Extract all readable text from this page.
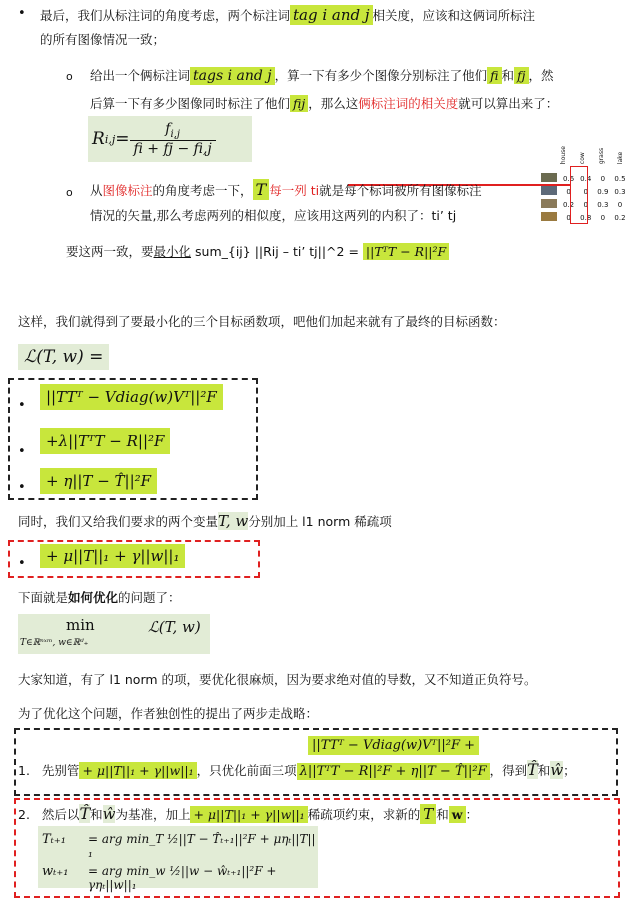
• 最后，我们从标注词的角度考虑，两个标注词 tag i and j 相关度，应该和这俩词所标注
的所有图像情况一致；
o 给出一个俩标注词 tags i and j ，算一下有多少个图像分别标注了他们 fi 和 fj ，然
后算一下有多少图像同时标注了他们 fij ，那么这俩标注词的相关度就可以算出来了：
R $i,j = \frac{f_{i,j}}{fi + fj - fi,j}$	house cow grass lake
	0.6	0.4	0	0.5
	0	0	0.9	0.3
	0.2	0	0.3	0
	0	0.8	0	0.2
o 从图像标注的角度考虑一下， T 每一列 ti就是每个标词被所有图像标注
情况的矢量,那么考虑两列的相似度，应该用这两列的内积了：ti’ tj
要这两一致，要最小化 sum_{ij} ||Rij – ti’ tj||^2 = ||TᵀT − R||²F
这样，我们就得到了要最小化的三个目标函数项，吧他们加起来就有了最终的目标函数：
ℒ(T, w) =
•	||TTᵀ − Vdiag(w)Vᵀ||²F
•
+λ||TᵀT − R||²F
•	+ η||T − T̂||²F
同时，我们又给我们要求的两个变量T, w分别加上 l1 norm 稀疏项
•	+ μ||T||₁ + γ||w||₁
下面就是如何优化的问题了：
min
T∈ℝⁿˣᵐ, w∈ℝᵈ₊
ℒ(T, w)
大家知道，有了 l1 norm 的项，要优化很麻烦，因为要求绝对值的导数，又不知道正负符号。
为了优化这个问题，作者独创性的提出了两步走战略：
||TTᵀ − Vdiag(w)Vᵀ||²F +
1. 先别管 + μ||T||₁ + γ||w||₁ ，只优化前面三项 λ||TᵀT − R||²F + η||T − T̂||²F ，得到T̂和ŵ；
2. 然后以T̂和ŵ为基准，加上 + μ||T||₁ + γ||w||₁ 稀疏项约束，求新的 T 和 w ：
Tₜ₊₁ = arg min_T ½||T − T̂ₜ₊₁||²F + μηₜ||T||₁
wₜ₊₁ = arg min_w ½||w − ŵₜ₊₁||²F + γηₜ||w||₁
